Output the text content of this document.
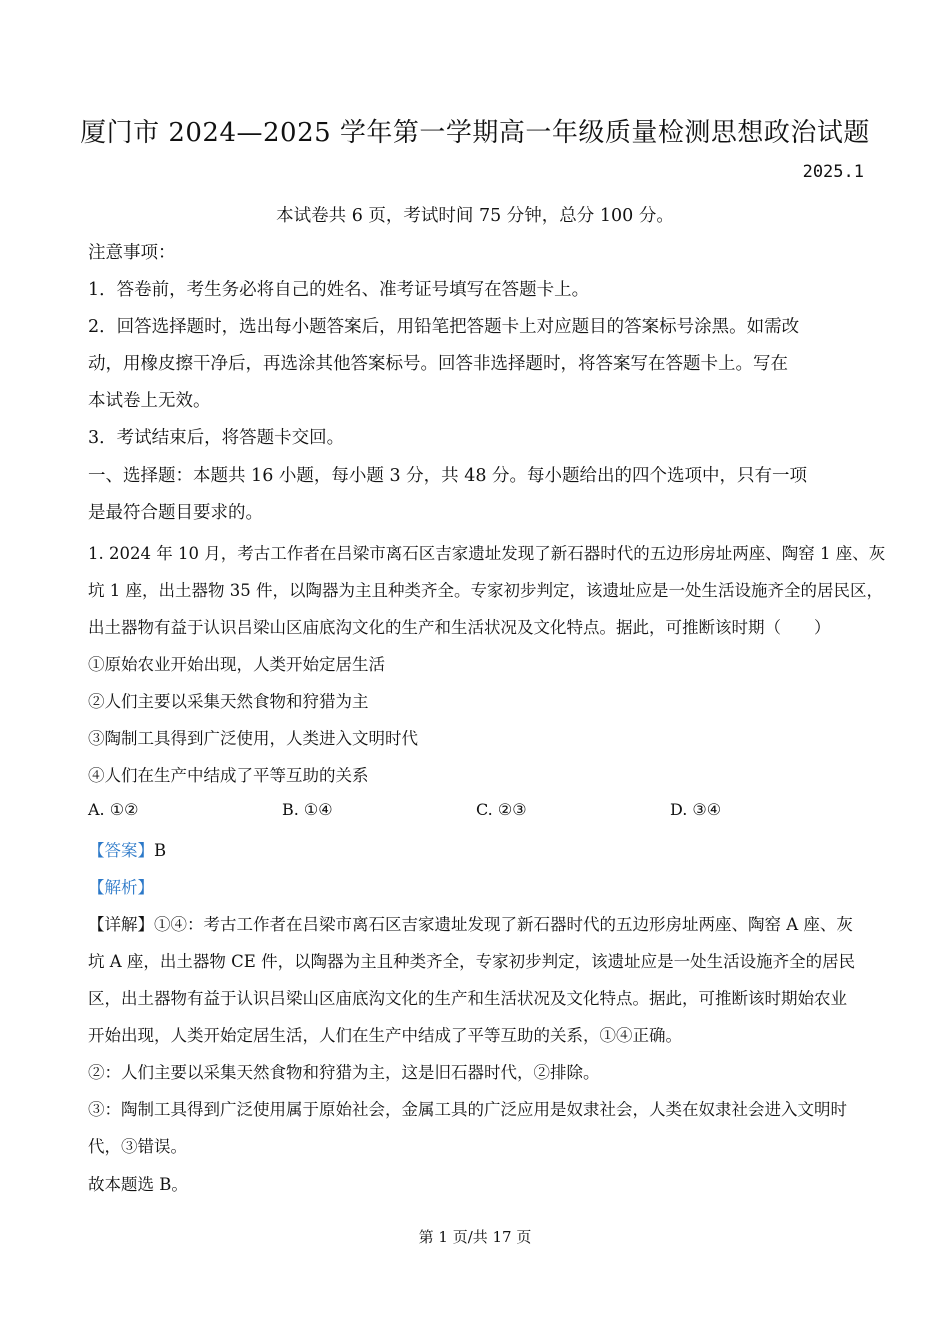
厦门市 2024—2025 学年第一学期高一年级质量检测思想政治试题
2025.1
本试卷共 6 页，考试时间 75 分钟，总分 100 分。
注意事项：
1．答卷前，考生务必将自己的姓名、准考证号填写在答题卡上。
2．回答选择题时，选出每小题答案后，用铅笔把答题卡上对应题目的答案标号涂黑。如需改
动，用橡皮擦干净后，再选涂其他答案标号。回答非选择题时，将答案写在答题卡上。写在
本试卷上无效。
3．考试结束后，将答题卡交回。
一、选择题：本题共 16 小题，每小题 3 分，共 48 分。每小题给出的四个选项中，只有一项
是最符合题目要求的。
1. 2024 年 10 月，考古工作者在吕梁市离石区吉家遗址发现了新石器时代的五边形房址两座、陶窑 1 座、灰
坑 1 座，出土器物 35 件，以陶器为主且种类齐全。专家初步判定，该遗址应是一处生活设施齐全的居民区，
出土器物有益于认识吕梁山区庙底沟文化的生产和生活状况及文化特点。据此，可推断该时期（　　）
①原始农业开始出现，人类开始定居生活
②人们主要以采集天然食物和狩猎为主
③陶制工具得到广泛使用，人类进入文明时代
④人们在生产中结成了平等互助的关系
A. ①②	B. ①④	C. ②③	D. ③④
【答案】B
【解析】
【详解】①④：考古工作者在吕梁市离石区吉家遗址发现了新石器时代的五边形房址两座、陶窑 A 座、灰
坑 A 座，出土器物 CE 件，以陶器为主且种类齐全，专家初步判定，该遗址应是一处生活设施齐全的居民
区，出土器物有益于认识吕梁山区庙底沟文化的生产和生活状况及文化特点。据此，可推断该时期始农业
开始出现，人类开始定居生活，人们在生产中结成了平等互助的关系，①④正确。
②：人们主要以采集天然食物和狩猎为主，这是旧石器时代，②排除。
③：陶制工具得到广泛使用属于原始社会，金属工具的广泛应用是奴隶社会，人类在奴隶社会进入文明时
代，③错误。
故本题选 B。
第 1 页/共 17 页
